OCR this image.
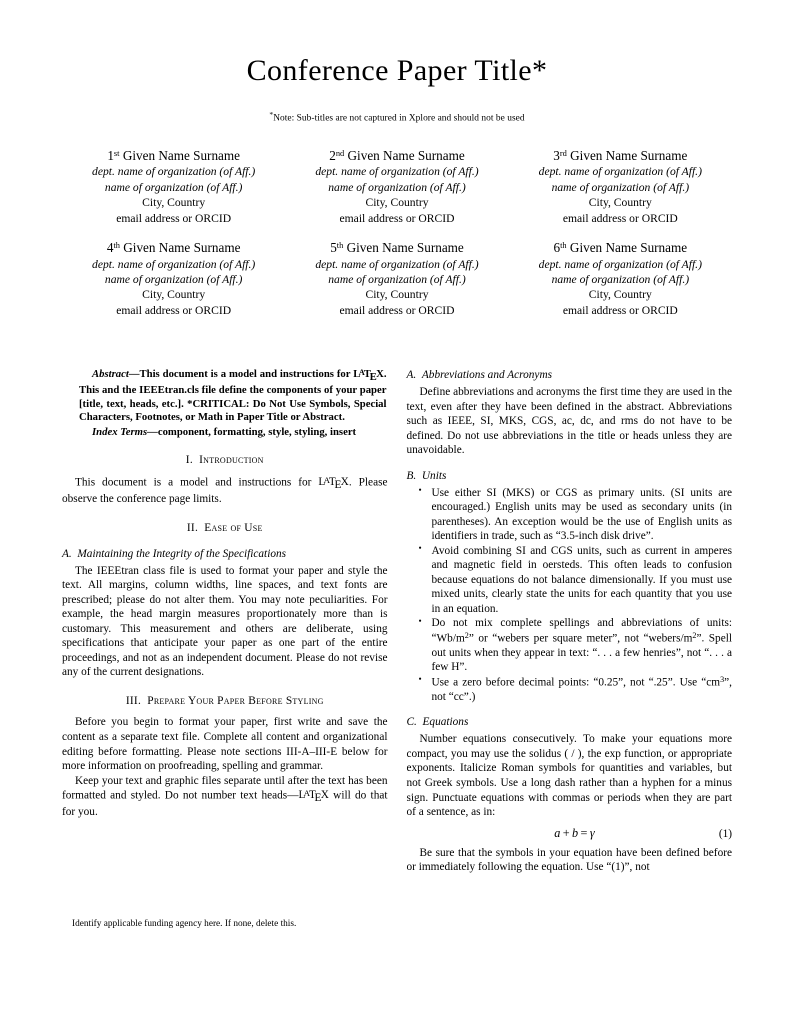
Conference Paper Title*
*Note: Sub-titles are not captured in Xplore and should not be used
1st Given Name Surname
dept. name of organization (of Aff.)
name of organization (of Aff.)
City, Country
email address or ORCID
2nd Given Name Surname
dept. name of organization (of Aff.)
name of organization (of Aff.)
City, Country
email address or ORCID
3rd Given Name Surname
dept. name of organization (of Aff.)
name of organization (of Aff.)
City, Country
email address or ORCID
4th Given Name Surname
dept. name of organization (of Aff.)
name of organization (of Aff.)
City, Country
email address or ORCID
5th Given Name Surname
dept. name of organization (of Aff.)
name of organization (of Aff.)
City, Country
email address or ORCID
6th Given Name Surname
dept. name of organization (of Aff.)
name of organization (of Aff.)
City, Country
email address or ORCID
Abstract—This document is a model and instructions for $L^ATEX$. This and the IEEEtran.cls file define the components of your paper [title, text, heads, etc.]. *CRITICAL: Do Not Use Symbols, Special Characters, Footnotes, or Math in Paper Title or Abstract.
Index Terms—component, formatting, style, styling, insert
I . Introduction
This document is a model and instructions for $L^ATEX$. Please observe the conference page limits.
II . Ease of Use
A . Maintaining the Integrity of the Specifications
The IEEEtran class file is used to format your paper and style the text. All margins, column widths, line spaces, and text fonts are prescribed; please do not alter them. You may note peculiarities. For example, the head margin measures proportionately more than is customary. This measurement and others are deliberate, using specifications that anticipate your paper as one part of the entire proceedings, and not as an independent document. Please do not revise any of the current designations.
III . Prepare Your Paper Before Styling
Before you begin to format your paper, first write and save the content as a separate text file. Complete all content and organizational editing before formatting. Please note sections III-A–III-E below for more information on proofreading, spelling and grammar.
Keep your text and graphic files separate until after the text has been formatted and styled. Do not number text $heads—L^ATEX$ will do that for you.
A . Abbreviations and Acronyms
Define abbreviations and acronyms the first time they are used in the text, even after they have been defined in the abstract. Abbreviations such as IEEE, SI, MKS, CGS, ac, dc, and rms do not have to be defined. Do not use abbreviations in the title or heads unless they are unavoidable.
B . Units
• Use either SI (MKS) or CGS as primary units. (SI units are encouraged.) English units may be used as secondary units (in parentheses). An exception would be the use of English units as identifiers in trade, such as “3.5-inch disk drive”.
• Avoid combining SI and CGS units, such as current in amperes and magnetic field in oersteds. This often leads to confusion because equations do not balance dimensionally. If you must use mixed units, clearly state the units for each quantity that you use in an equation.
• Do not mix complete spellings and abbreviations of units: “$Wb/m^2$” or “webers per square meter”, not “$webers/m^2$”. Spell out units when they appear in text: “. . . a few henries”, not “. . . a few H”.
• Use a zero before decimal points: “0.25”, not “.25”. Use “$cm^3$”, not “cc”.)
C . Equations
Number equations consecutively. To make your equations more compact, you may use the solidus ( / ), the exp function, or appropriate exponents. Italicize Roman symbols for quantities and variables, but not Greek symbols. Use a long dash rather than a hyphen for a minus sign. Punctuate equations with commas or periods when they are part of a sentence, as in:
a + b = γ	(1)
Be sure that the symbols in your equation have been defined before or immediately following the equation. Use “(1)”, not
Identify applicable funding agency here. If none, delete this.
